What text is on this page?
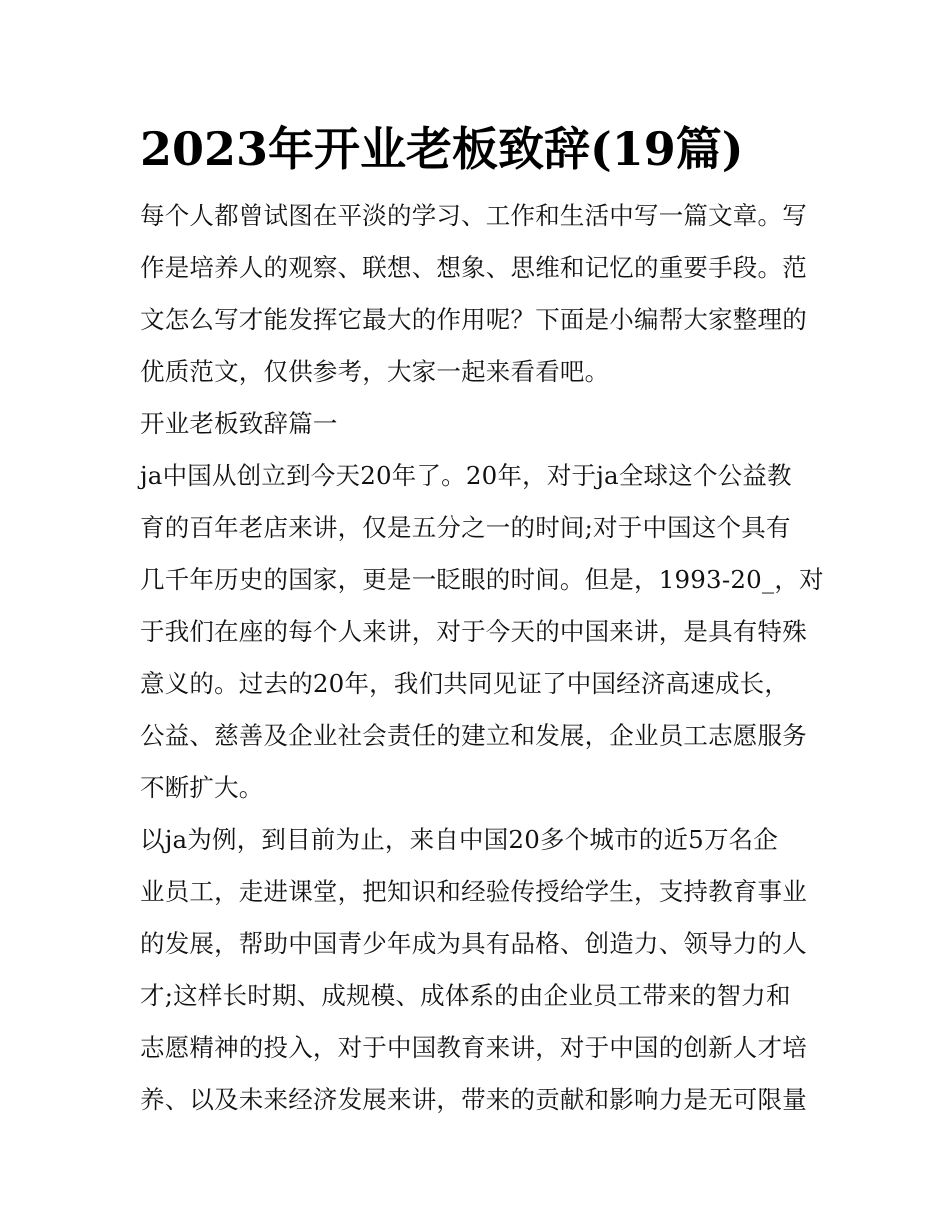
2023年开业老板致辞(19篇)
每个人都曾试图在平淡的学习、工作和生活中写一篇文章。写
作是培养人的观察、联想、想象、思维和记忆的重要手段。范
文怎么写才能发挥它最大的作用呢？下面是小编帮大家整理的
优质范文，仅供参考，大家一起来看看吧。
开业老板致辞篇一
ja中国从创立到今天20年了。20年，对于ja全球这个公益教
育的百年老店来讲，仅是五分之一的时间;对于中国这个具有
几千年历史的国家，更是一眨眼的时间。但是，1993-20_，对
于我们在座的每个人来讲，对于今天的中国来讲，是具有特殊
意义的。过去的20年，我们共同见证了中国经济高速成长，
公益、慈善及企业社会责任的建立和发展，企业员工志愿服务
不断扩大。
以ja为例，到目前为止，来自中国20多个城市的近5万名企
业员工，走进课堂，把知识和经验传授给学生，支持教育事业
的发展，帮助中国青少年成为具有品格、创造力、领导力的人
才;这样长时期、成规模、成体系的由企业员工带来的智力和
志愿精神的投入，对于中国教育来讲，对于中国的创新人才培
养、以及未来经济发展来讲，带来的贡献和影响力是无可限量
